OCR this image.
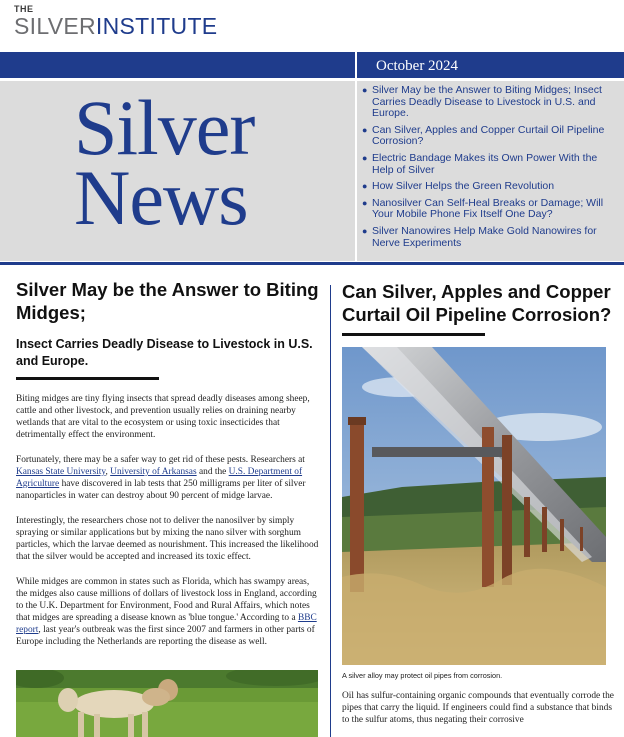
THE
SILVERINSTITUTE
October 2024
Silver
News
● Silver May be the Answer to Biting Midges; Insect Carries Deadly Disease to Livestock in U.S. and Europe.
● Can Silver, Apples and Copper Curtail Oil Pipeline Corrosion?
● Electric Bandage Makes its Own Power With the Help of Silver
● How Silver Helps the Green Revolution
● Nanosilver Can Self-Heal Breaks or Damage; Will Your Mobile Phone Fix Itself One Day?
● Silver Nanowires Help Make Gold Nanowires for Nerve Experiments
Silver May be the Answer to Biting Midges;
Insect Carries Deadly Disease to Livestock in U.S. and Europe.

Biting midges are tiny flying insects that spread deadly diseases among sheep, cattle and other livestock, and prevention usually relies on draining nearby wetlands that are vital to the ecosystem or using toxic insecticides that detrimentally effect the environment.

Fortunately, there may be a safer way to get rid of these pests. Researchers at Kansas State University, University of Arkansas and the U.S. Department of Agriculture have discovered in lab tests that 250 milligrams per liter of silver nanoparticles in water can destroy about 90 percent of midge larvae.

Interestingly, the researchers chose not to deliver the nanosilver by simply spraying or similar applications but by mixing the nano silver with sorghum particles, which the larvae deemed as nourishment. This increased the likelihood that the silver would be accepted and increased its toxic effect.

While midges are common in states such as Florida, which has swampy areas, the midges also cause millions of dollars of livestock loss in England, according to the U.K. Department for Environment, Food and Rural Affairs, which notes that midges are spreading a disease known as 'blue tongue.' According to a BBC report, last year's outbreak was the first since 2007 and farmers in other parts of Europe including the Netherlands are reporting the disease as well.

Can Silver, Apples and Copper Curtail Oil Pipeline Corrosion?
A silver alloy may protect oil pipes from corrosion.
Oil has sulfur-containing organic compounds that eventually corrode the pipes that carry the liquid. If engineers could find a substance that binds to the sulfur atoms, thus negating their corrosive
